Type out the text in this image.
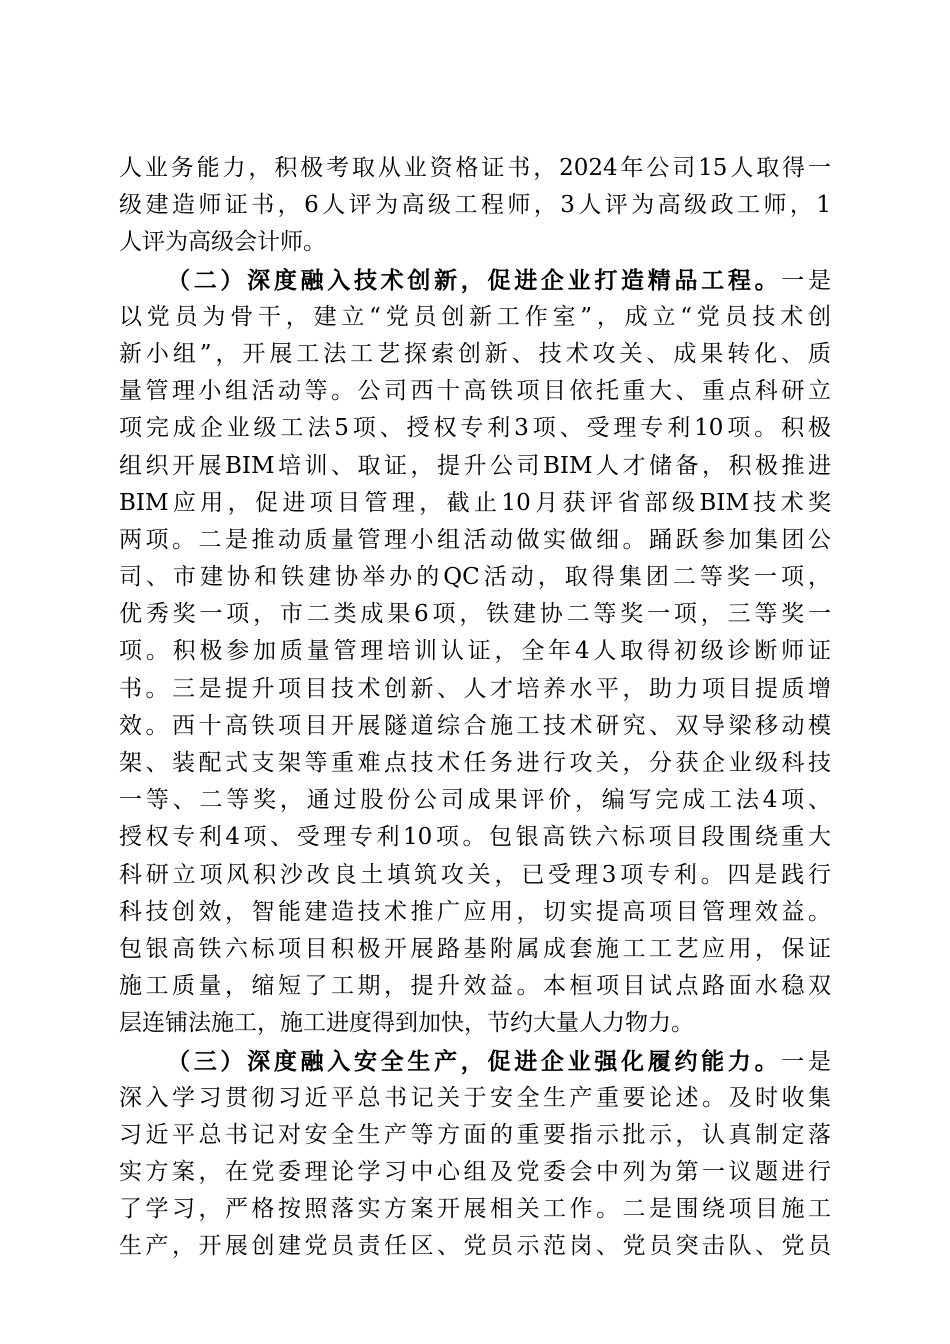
人业务能力，积极考取从业资格证书，2024年公司15人取得一
级建造师证书，6人评为高级工程师，3人评为高级政工师，1
人评为高级会计师。
（二）深度融入技术创新，促进企业打造精品工程。一是
以党员为骨干，建立“党员创新工作室”，成立“党员技术创
新小组”，开展工法工艺探索创新、技术攻关、成果转化、质
量管理小组活动等。公司西十高铁项目依托重大、重点科研立
项完成企业级工法5项、授权专利3项、受理专利10项。积极
组织开展BIM培训、取证，提升公司BIM人才储备，积极推进
BIM应用，促进项目管理，截止10月获评省部级BIM技术奖
两项。二是推动质量管理小组活动做实做细。踊跃参加集团公
司、市建协和铁建协举办的QC活动，取得集团二等奖一项，
优秀奖一项，市二类成果6项，铁建协二等奖一项，三等奖一
项。积极参加质量管理培训认证，全年4人取得初级诊断师证
书。三是提升项目技术创新、人才培养水平，助力项目提质增
效。西十高铁项目开展隧道综合施工技术研究、双导梁移动模
架、装配式支架等重难点技术任务进行攻关，分获企业级科技
一等、二等奖，通过股份公司成果评价，编写完成工法4项、
授权专利4项、受理专利10项。包银高铁六标项目段围绕重大
科研立项风积沙改良土填筑攻关，已受理3项专利。四是践行
科技创效，智能建造技术推广应用，切实提高项目管理效益。
包银高铁六标项目积极开展路基附属成套施工工艺应用，保证
施工质量，缩短了工期，提升效益。本桓项目试点路面水稳双
层连铺法施工，施工进度得到加快，节约大量人力物力。
（三）深度融入安全生产，促进企业强化履约能力。一是
深入学习贯彻习近平总书记关于安全生产重要论述。及时收集
习近平总书记对安全生产等方面的重要指示批示，认真制定落
实方案，在党委理论学习中心组及党委会中列为第一议题进行
了学习，严格按照落实方案开展相关工作。二是围绕项目施工
生产，开展创建党员责任区、党员示范岗、党员突击队、党员
